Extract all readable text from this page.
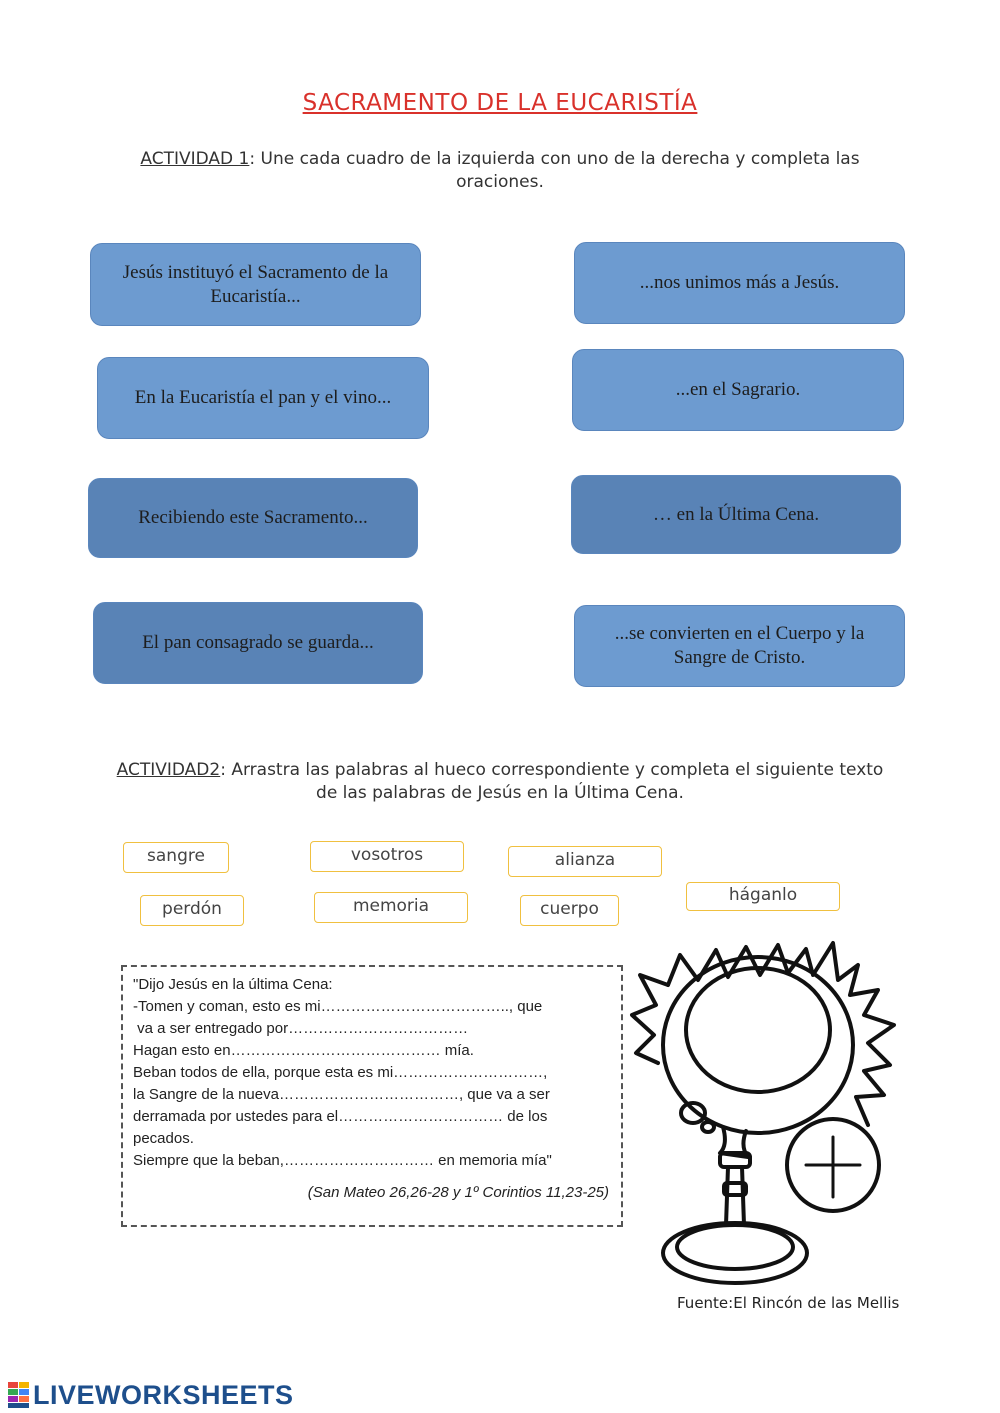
SACRAMENTO DE LA EUCARISTÍA
ACTIVIDAD 1: Une cada cuadro de la izquierda con uno de la derecha y completa las
oraciones.
Jesús instituyó el Sacramento de la Eucaristía...
En la Eucaristía el pan y el vino...
Recibiendo este Sacramento...
El pan consagrado se guarda...
...nos unimos más a Jesús.
...en el Sagrario.
… en la Última Cena.
...se convierten en el Cuerpo y la Sangre de Cristo.
ACTIVIDAD2: Arrastra las palabras al hueco correspondiente y completa el siguiente texto
de las palabras de Jesús en la Última Cena.
sangre	vosotros	alianza
perdón	memoria	cuerpo
háganlo
"Dijo Jesús en la última Cena:
-Tomen y coman, esto es mi……………………………….., que
va a ser entregado por………………………………
Hagan esto en…………………………………… mía.
Beban todos de ella, porque esta es mi…………………………,
la Sangre de la nueva………………………………, que va a ser
derramada por ustedes para el…………………………… de los
pecados.
Siempre que la beban,………………………… en memoria mía"
(San Mateo 26,26-28 y 1º Corintios 11,23-25)
Fuente:El Rincón de las Mellis
LIVEWORKSHEETS
